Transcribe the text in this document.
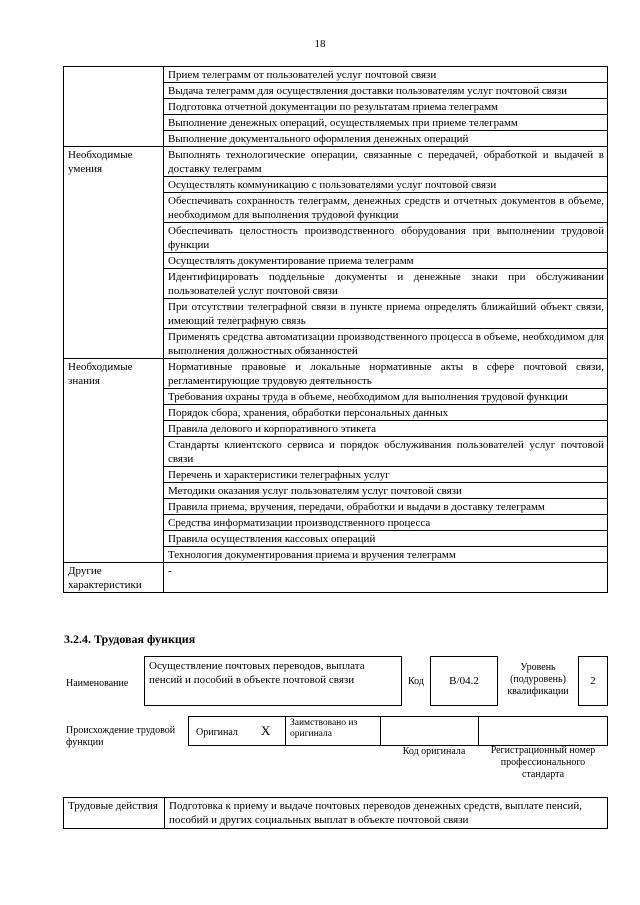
18
	Прием телеграмм от пользователей услуг почтовой связи
	Выдача телеграмм для осуществления доставки пользователям услуг почтовой связи
	Подготовка отчетной документации по результатам приема телеграмм
	Выполнение денежных операций, осуществляемых при приеме телеграмм
	Выполнение документального оформления денежных операций
Необходимые умения	Выполнять технологические операции, связанные с передачей, обработкой и выдачей в доставку телеграмм
	Осуществлять коммуникацию с пользователями услуг почтовой связи
	Обеспечивать сохранность телеграмм, денежных средств и отчетных документов в объеме, необходимом для выполнения трудовой функции
	Обеспечивать целостность производственного оборудования при выполнении трудовой функции
	Осуществлять документирование приема телеграмм
	Идентифицировать поддельные документы и денежные знаки при обслуживании пользователей услуг почтовой связи
	При отсутствии телеграфной связи в пункте приема определять ближайший объект связи, имеющий телеграфную связь
	Применять средства автоматизации производственного процесса в объеме, необходимом для выполнения должностных обязанностей
Необходимые знания	Нормативные правовые и локальные нормативные акты в сфере почтовой связи, регламентирующие трудовую деятельность
	Требования охраны труда в объеме, необходимом для выполнения трудовой функции
	Порядок сбора, хранения, обработки персональных данных
	Правила делового и корпоративного этикета
	Стандарты клиентского сервиса и порядок обслуживания пользователей услуг почтовой связи
	Перечень и характеристики телеграфных услуг
	Методики оказания услуг пользователям услуг почтовой связи
	Правила приема, вручения, передачи, обработки и выдачи в доставку телеграмм
	Средства информатизации производственного процесса
	Правила осуществления кассовых операций
	Технология документирования приема и вручения телеграмм
Другие характеристики	-
3.2.4. Трудовая функция
Наименование
Осуществление почтовых переводов, выплата пенсий и пособий в объекте почтовой связи	Код	B/04.2
Уровень (подуровень) квалификации
2
Происхождение трудовой функции
Оригинал X Заимствовано из оригинала
Код оригинала	Регистрационный номер профессионального стандарта
Трудовые действия	Подготовка к приему и выдаче почтовых переводов денежных средств, выплате пенсий, пособий и других социальных выплат в объекте почтовой связи
